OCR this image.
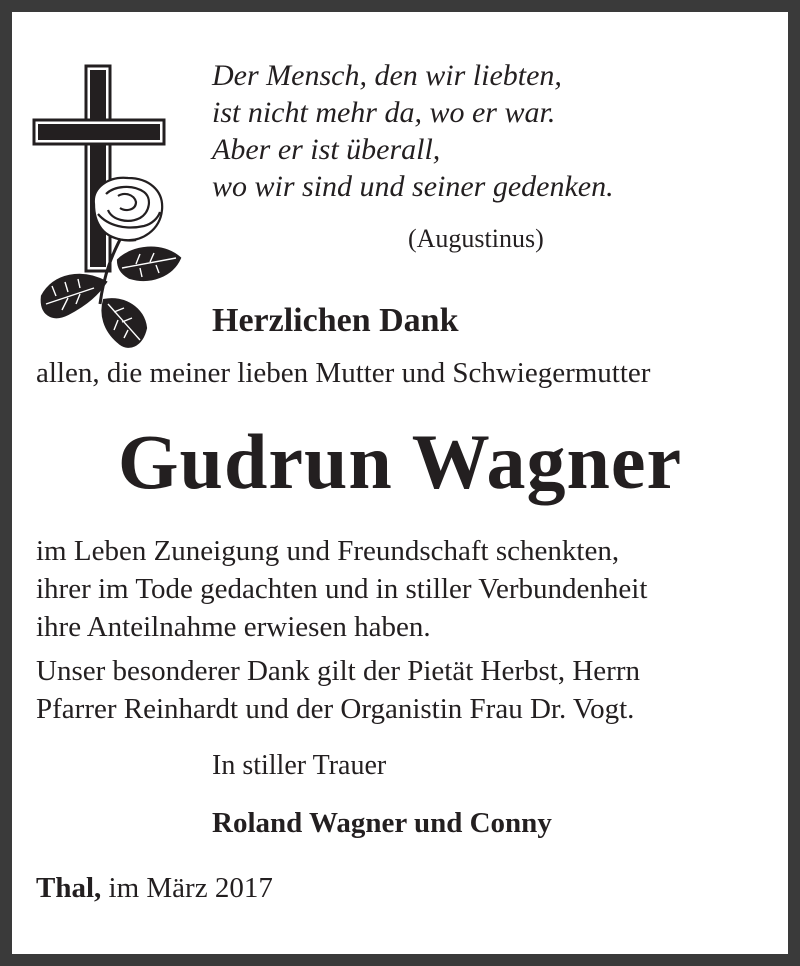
Der Mensch, den wir liebten,
ist nicht mehr da, wo er war.
Aber er ist überall,
wo wir sind und seiner gedenken.
(Augustinus)
Herzlichen Dank
allen, die meiner lieben Mutter und Schwiegermutter
Gudrun Wagner

im Leben Zuneigung und Freundschaft schenkten,

ihrer im Tode gedachten und in stiller Verbundenheit

ihre Anteilnahme erwiesen haben.

Unser besonderer Dank gilt der Pietät Herbst, Herrn

Pfarrer Reinhardt und der Organistin Frau Dr. Vogt.

In stiller Trauer
Roland Wagner und Conny
Thal, im März 2017
